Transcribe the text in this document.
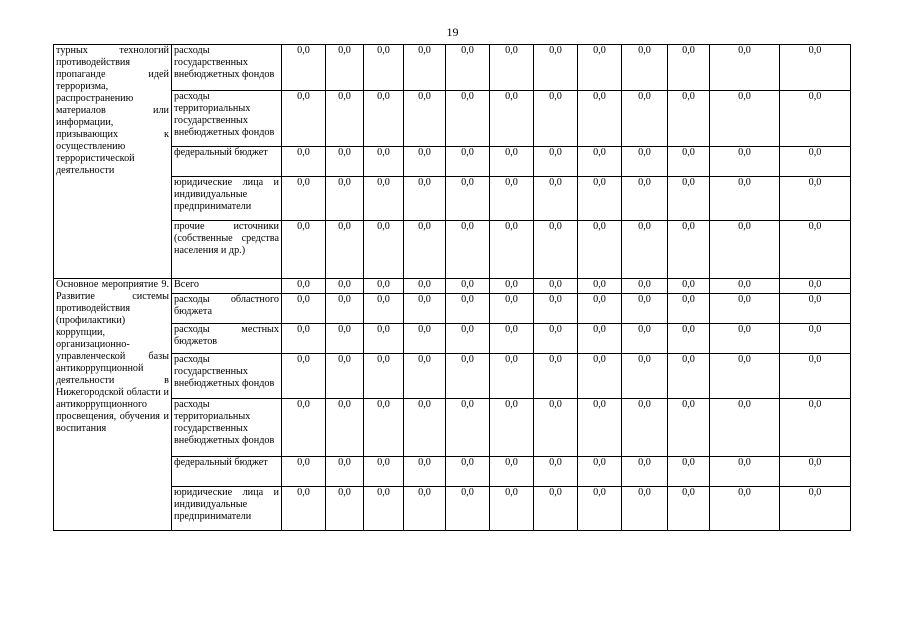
19
турных технологий противодействия пропаганде идей терроризма, распространению материалов или информации, призывающих к осуществлению террористической деятельности	расходы государственных внебюджетных фондов	0,0	0,0	0,0	0,0	0,0	0,0	0,0	0,0	0,0	0,0	0,0	0,0
	расходы территориальных государственных внебюджетных фондов	0,0	0,0	0,0	0,0	0,0	0,0	0,0	0,0	0,0	0,0	0,0	0,0
	федеральный бюджет	0,0	0,0	0,0	0,0	0,0	0,0	0,0	0,0	0,0	0,0	0,0	0,0
	юридические лица и индивидуальные предприниматели	0,0	0,0	0,0	0,0	0,0	0,0	0,0	0,0	0,0	0,0	0,0	0,0
	прочие источники (собственные средства населения и др.)	0,0	0,0	0,0	0,0	0,0	0,0	0,0	0,0	0,0	0,0	0,0	0,0
Основное мероприятие 9. Развитие системы противодействия (профилактики) коррупции, организационно-управленческой базы антикоррупционной деятельности в Нижегородской области и антикоррупционного просвещения, обучения и воспитания	Всего	0,0	0,0	0,0	0,0	0,0	0,0	0,0	0,0	0,0	0,0	0,0	0,0
	расходы областного бюджета	0,0	0,0	0,0	0,0	0,0	0,0	0,0	0,0	0,0	0,0	0,0	0,0
	расходы местных бюджетов	0,0	0,0	0,0	0,0	0,0	0,0	0,0	0,0	0,0	0,0	0,0	0,0
	расходы государственных внебюджетных фондов	0,0	0,0	0,0	0,0	0,0	0,0	0,0	0,0	0,0	0,0	0,0	0,0
	расходы территориальных государственных внебюджетных фондов	0,0	0,0	0,0	0,0	0,0	0,0	0,0	0,0	0,0	0,0	0,0	0,0
	федеральный бюджет	0,0	0,0	0,0	0,0	0,0	0,0	0,0	0,0	0,0	0,0	0,0	0,0
	юридические лица и индивидуальные предприниматели	0,0	0,0	0,0	0,0	0,0	0,0	0,0	0,0	0,0	0,0	0,0	0,0
